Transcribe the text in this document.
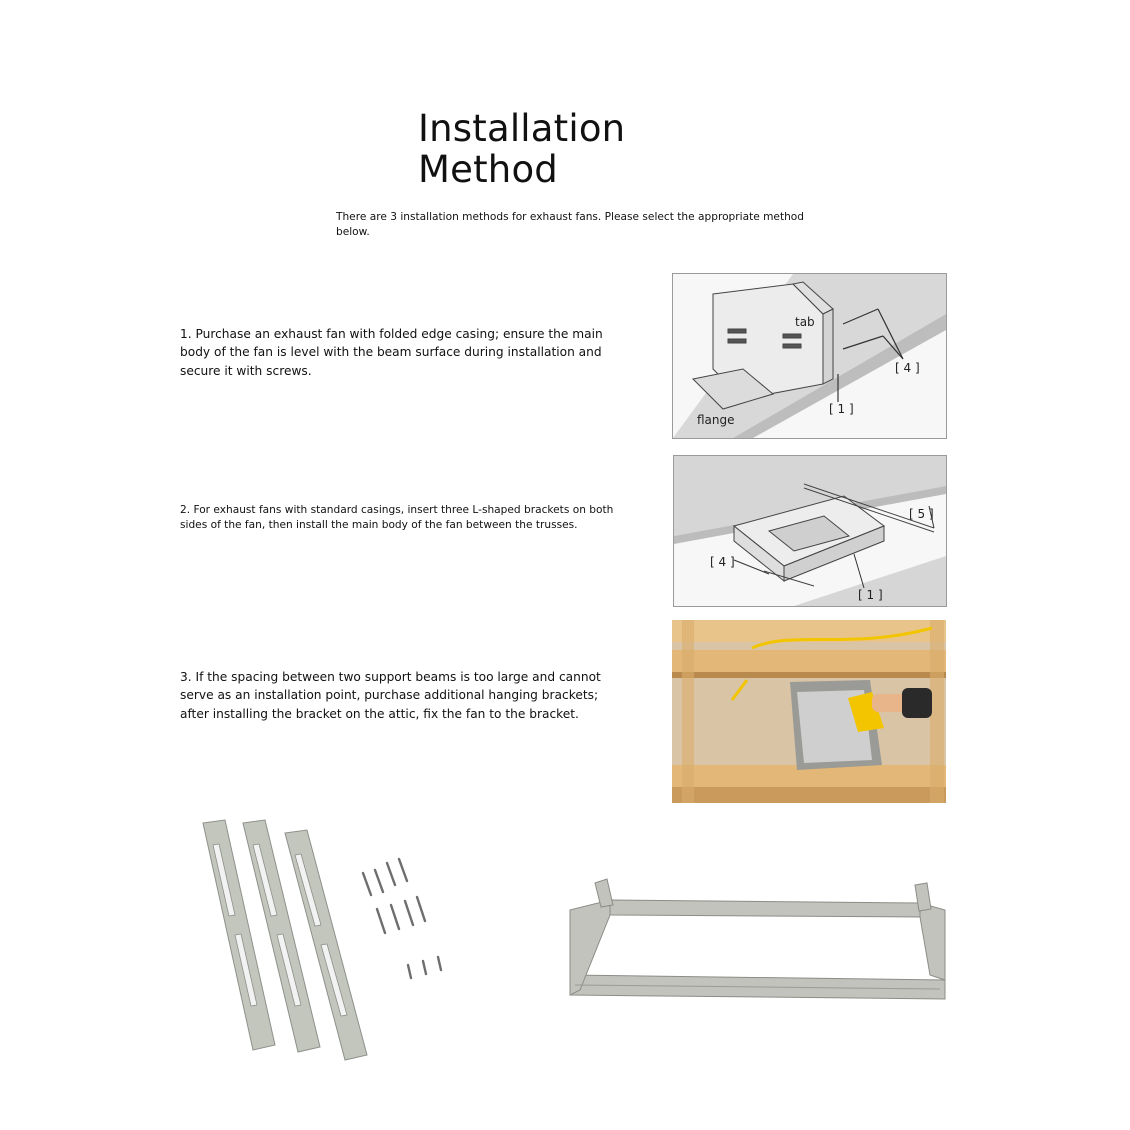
Installation
Method
There are 3 installation methods for exhaust fans. Please select the appropriate method below.
1. Purchase an exhaust fan with folded edge casing; ensure the main body of the fan is level with the beam surface during installation and secure it with screws.
2. For exhaust fans with standard casings, insert three L-shaped brackets on both sides of the fan, then install the main body of the fan between the trusses.
3. If the spacing between two support beams is too large and cannot serve as an installation point, purchase additional hanging brackets; after installing the bracket on the attic, fix the fan to the bracket.
tab
[ 4 ]
[ 1 ]
flange
[ 5 ]
[ 4 ]
[ 1 ]
